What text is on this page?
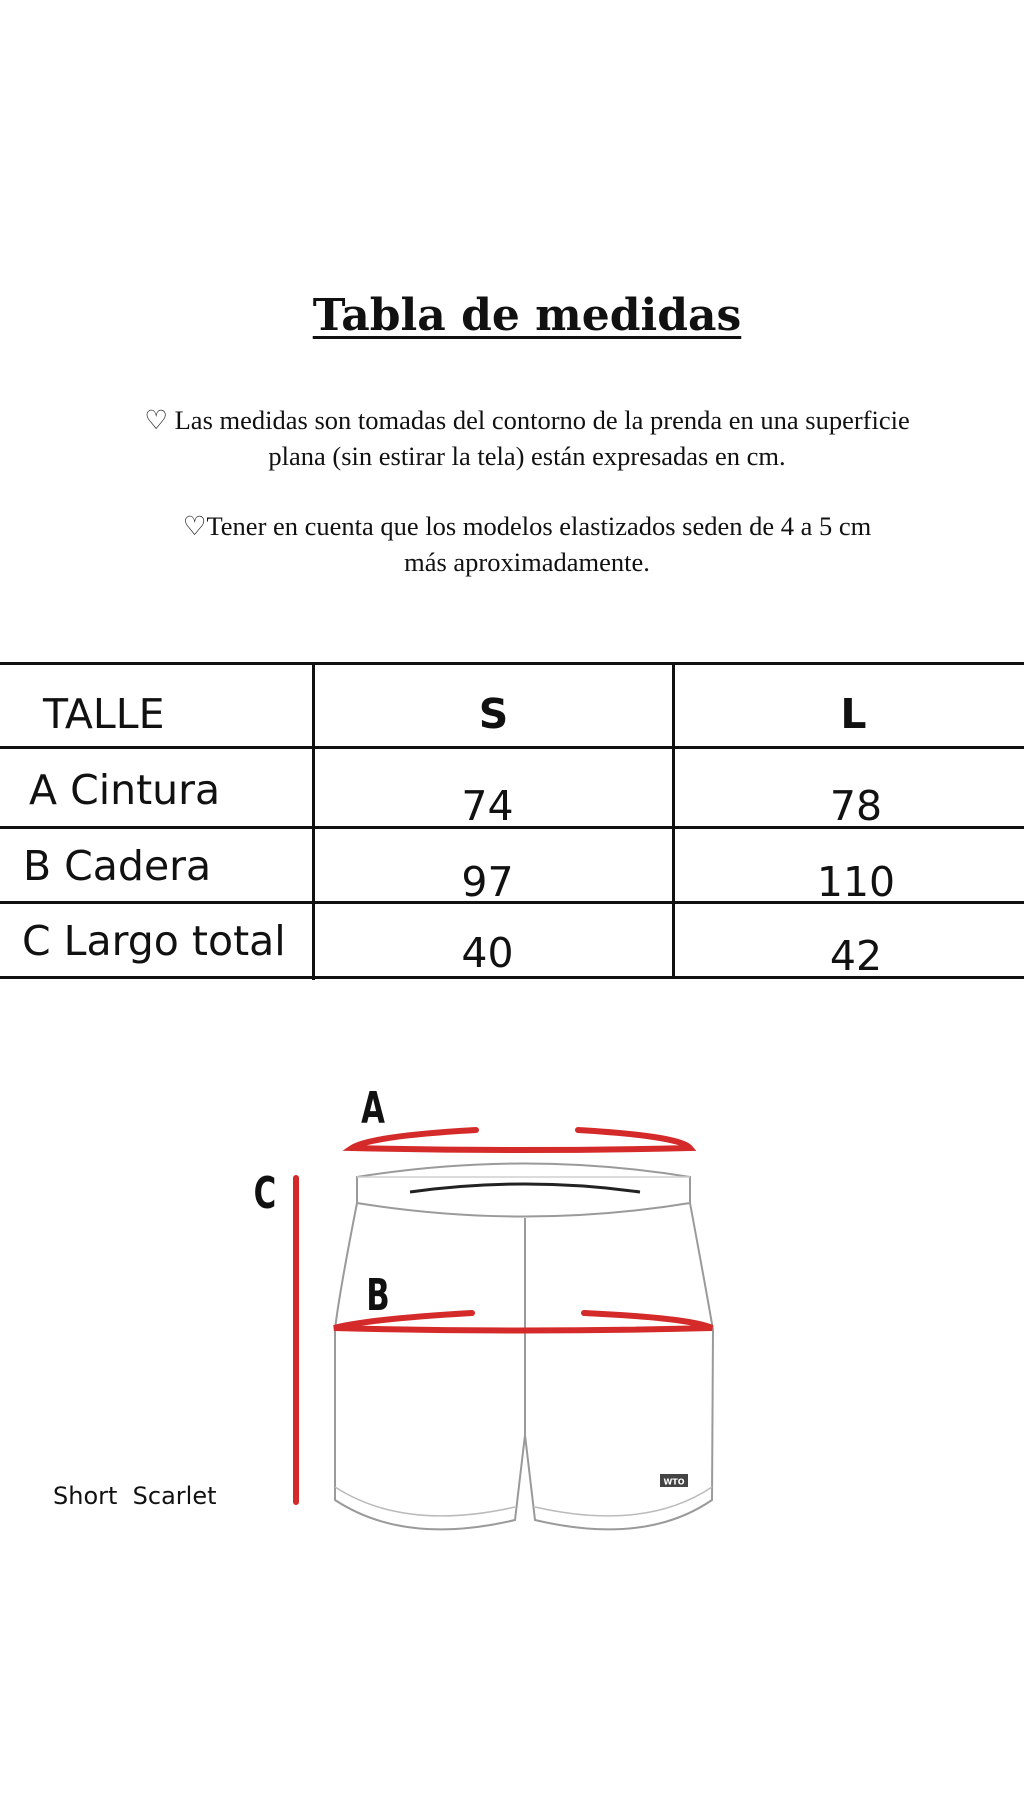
Tabla de medidas

♡ Las medidas son tomadas del contorno de la prenda en una superficie
plana (sin estirar la tela) están expresadas en cm.

♡Tener en cuenta que los modelos elastizados seden de 4 a 5 cm
más aproximadamente.

TALLE	S	L
A Cintura	74	78
B Cadera	97	110
C Largo total	40	42
WTO
A
B
C
Short  Scarlet
